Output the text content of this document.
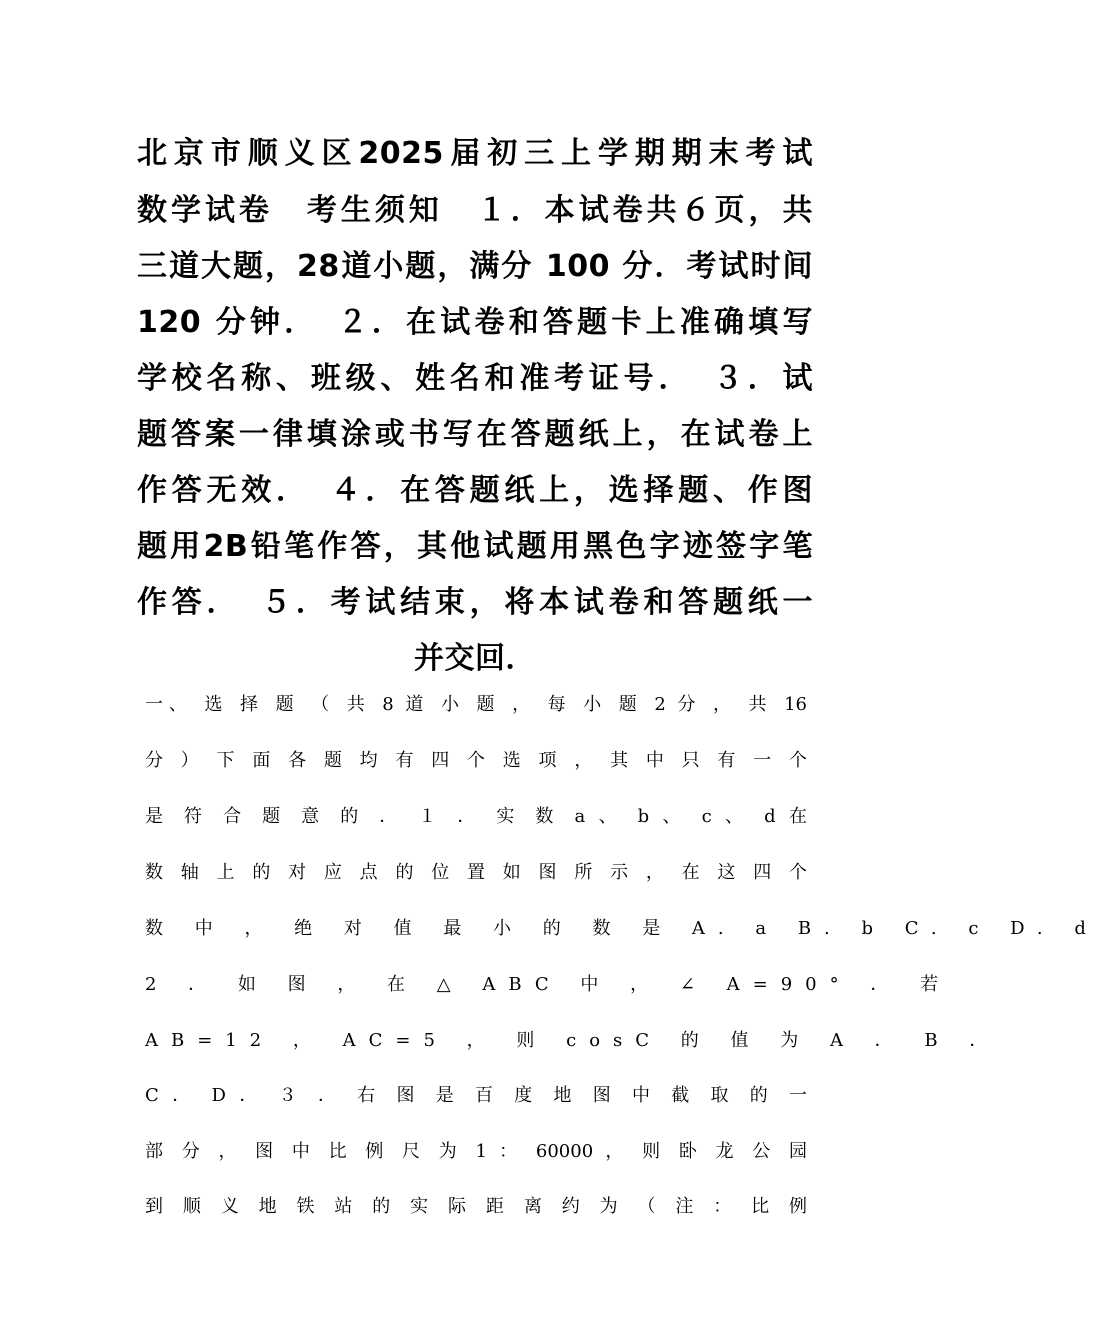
北京市顺义区2025届初三上学期期末考试
数学试卷　考生须知　１．本试卷共６页，共
三道大题，28道小题，满分 100 分．考试时间
120 分钟．　２．在试卷和答题卡上准确填写
学校名称、班级、姓名和准考证号．　３．试
题答案一律填涂或书写在答题纸上，在试卷上
作答无效．　４．在答题纸上，选择题、作图
题用2B铅笔作答，其他试题用黑色字迹签字笔
作答．　５．考试结束，将本试卷和答题纸一
并交回．
一、 选 择 题 （ 共 8 道 小 题 ， 每 小 题 2 分 ， 共 16
分 ） 下 面 各 题 均 有 四 个 选 项 ， 其 中 只 有 一 个
是 符 合 题 意 的 ． １ ． 实 数 a 、 b 、 c 、 d 在
数 轴 上 的 对 应 点 的 位 置 如 图 所 示 ， 在 这 四 个
数 中 ， 绝 对 值 最 小 的 数 是 A. a B. b C. c D. d
2 ． 如 图 ， 在 △ ABC 中 ， ∠ A=90° ． 若
AB=12 ， AC=5 ， 则 cosC 的 值 为 A ． B ．
C ． D ． ３ ． 右 图 是 百 度 地 图 中 截 取 的 一
部 分 ， 图 中 比 例 尺 为 1 ： 60000 ， 则 卧 龙 公 园
到 顺 义 地 铁 站 的 实 际 距 离 约 为 （ 注 ： 比 例
